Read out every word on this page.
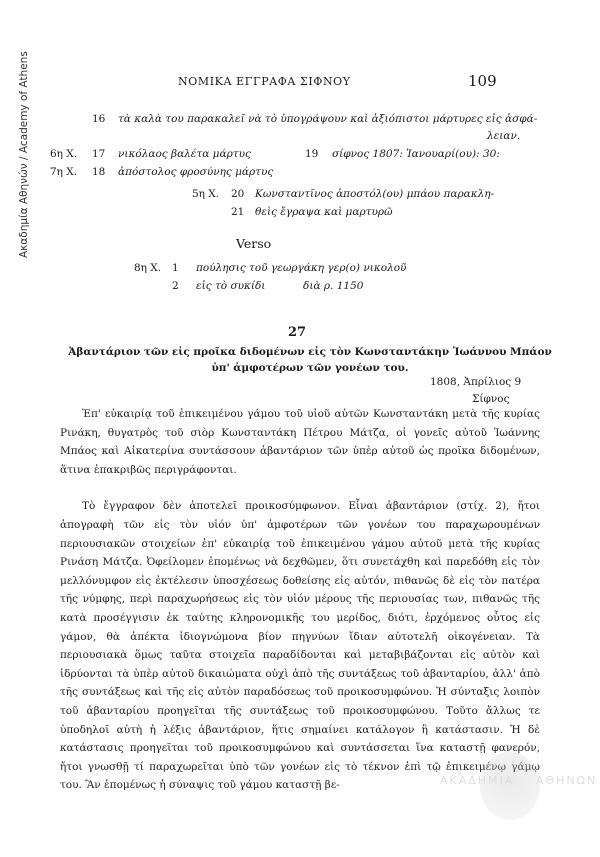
Ακαδημία Αθηνών / Academy of Athens	ΝΟΜΙΚΑ ΕΓΓΡΑΦΑ ΣΙΦΝΟΥ	109
16 τὰ καλὰ του παρακαλεῖ νὰ τὸ ὑπογράψουν καὶ ἀξιόπιστοι μάρτυρες εἰς ἀσφά-
λειαν.
6η Χ. 17 νικόλαος βαλέτα μάρτυς	19 σίφνος 1807: Ἰανουαρί(ου): 30:
7η Χ. 18 ἀπόστολος φροσύνης μάρτυς
5η Χ. 20 Κωνσταντῖνος ἀποστόλ(ου) μπάου παρακλη-
21 θεὶς ἔγραψα καὶ μαρτυρῶ
Verso
8η Χ. 1 πούλησις τοῦ γεωργάκη γερ(ο) νικολοῦ
2 εἰς τὸ συκίδι	διὰ ρ. 1150
27
Ἀβαντάριον τῶν εἰς προῖκα διδομένων εἰς τὸν Κωνσταντάκην Ἰωάννου Μπάον
ὑπ' ἀμφοτέρων τῶν γονέων του.
1808, Ἀπρίλιος 9
Σίφνος

Ἐπ' εὐκαιρίᾳ τοῦ ἐπικειμένου γάμου τοῦ υἱοῦ αὐτῶν Κωνσταντάκη μετὰ τῆς κυρίας Ρινάκη, θυγατρὸς τοῦ σιὸρ Κωνσταντάκη Πέτρου Μάτζα, οἱ γονεῖς αὐτοῦ Ἰωάννης Μπάος καὶ Αἰκατερίνα συντάσσουν ἀβαντάριον τῶν ὑπὲρ αὐτοῦ ὡς προῖκα διδομένων, ἅτινα ἐπακριβῶς περιγράφονται.

Τὸ ἔγγραφον δὲν ἀποτελεῖ προικοσύμφωνον. Εἶναι ἀβαντάριον (στίχ. 2), ἤτοι ἀπογραφὴ τῶν εἰς τὸν υἱόν ὑπ' ἀμφοτέρων τῶν γονέων του παραχωρουμένων περιουσιακῶν στοιχείων ἐπ' εὐκαιρίᾳ τοῦ ἐπικειμένου γάμου αὐτοῦ μετὰ τῆς κυρίας Ρινάση Μάτζα. Ὀφείλομεν ἑπομένως νὰ δεχθῶμεν, ὅτι συνετάχθη καὶ παρεδόθη εἰς τὸν μελλόνυμφον εἰς ἐκτέλεσιν ὑποσχέσεως δοθείσης εἰς αὐτόν, πιθανῶς δὲ εἰς τὸν πατέρα τῆς νύμφης, περὶ παραχωρήσεως εἰς τὸν υἱόν μέρους τῆς περιουσίας των, πιθανῶς τῆς κατὰ προσέγγισιν ἐκ ταύτης κληρονομικῆς του μερίδος, διότι, ἐρχόμενος οὗτος εἰς γάμον, θὰ ἀπέκτα ἰδιογνώμονα βίον πηγνύων ἴδιαν αὐτοτελῆ οἰκογένειαν. Τὰ περιουσιακὰ ὅμως ταῦτα στοιχεῖα παραδίδονται καὶ μεταβιβάζονται εἰς αὐτὸν καὶ ἱδρύονται τὰ ὑπὲρ αὐτοῦ δικαιώματα οὐχὶ ἀπὸ τῆς συντάξεως τοῦ ἀβανταρίου, ἀλλ' ἀπὸ τῆς συντάξεως καὶ τῆς εἰς αὐτὸν παραδόσεως τοῦ προικοσυμφώνου. Ἡ σύνταξις λοιπὸν τοῦ ἀβανταρίου προηγεῖται τῆς συντάξεως τοῦ προικοσυμφώνου. Τοῦτο ἄλλως τε ὑποδηλοῖ αὐτὴ ἡ λέξις ἀβαντάριον, ἥτις σημαίνει κατάλογον ἢ κατάστασιν. Ἡ δὲ κατάστασις προηγεῖται τοῦ προικοσυμφώνου καὶ συντάσσεται ἵνα καταστῇ φανερόν, ἤτοι γνωσθῇ τί παραχωρεῖται ὑπὸ τῶν γονέων εἰς τὸ τέκνον ἐπὶ τῷ ἐπικειμένῳ γάμῳ του. Ἂν ἑπομένως ἡ σύναψις τοῦ γάμου καταστῇ βε-	ΑΚΑΔΗΜΙΑ ΑΘΗΝΩΝ
